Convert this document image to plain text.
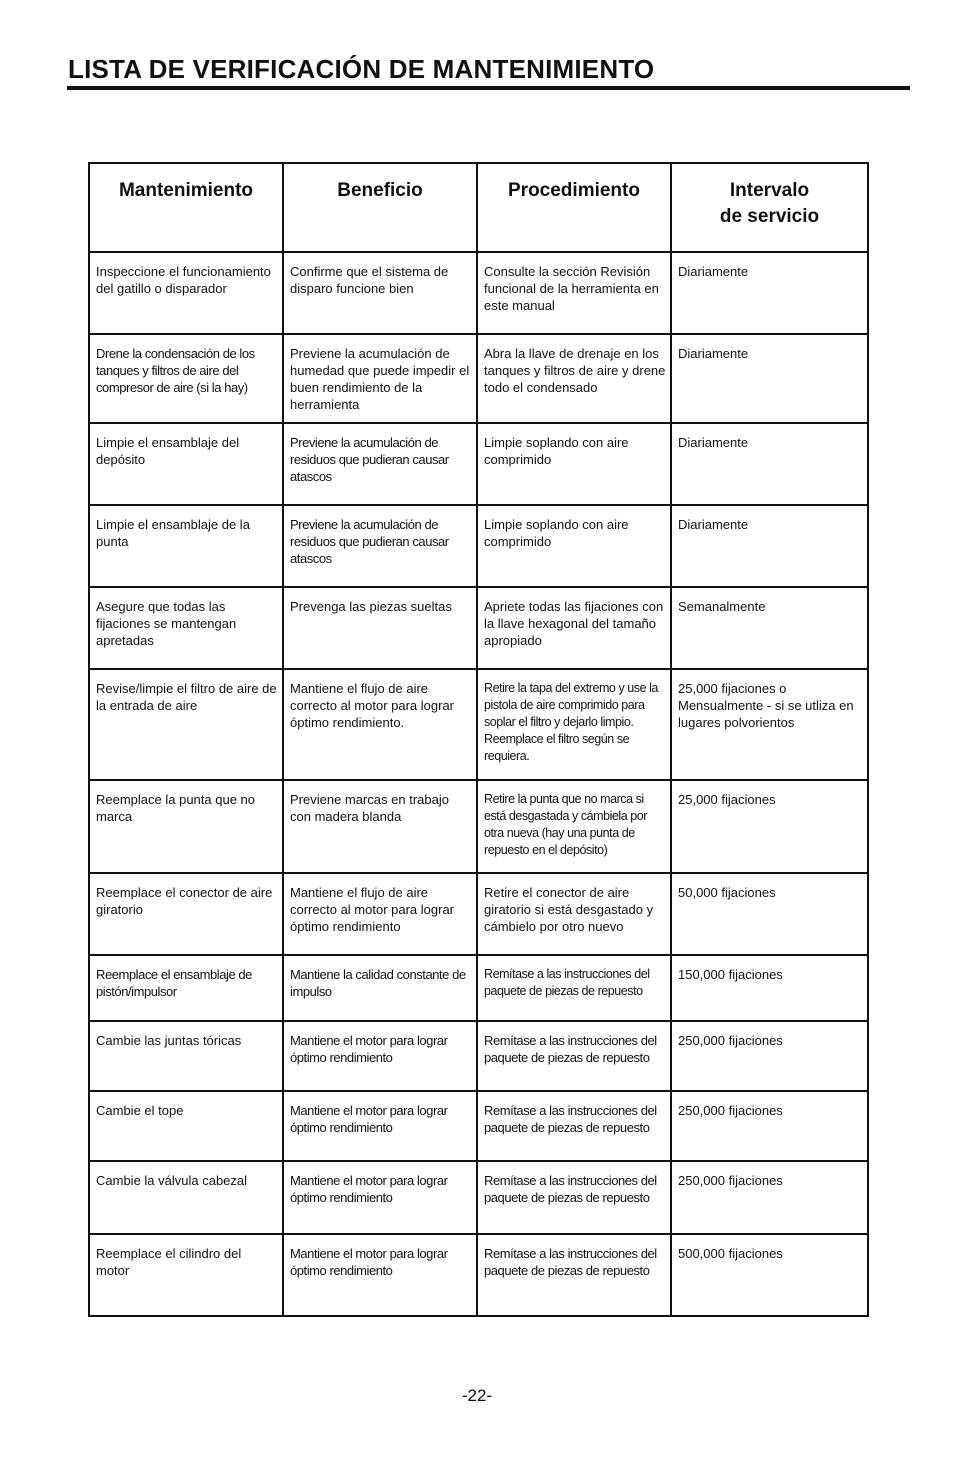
LISTA DE VERIFICACIÓN DE MANTENIMIENTO
Mantenimiento	Beneficio	Procedimiento	Intervalo
de servicio
Inspeccione el funcionamiento del gatillo o disparador	Confirme que el sistema de disparo funcione bien	Consulte la sección Revisión funcional de la herramienta en este manual	Diariamente
Drene la condensación de los tanques y filtros de aire del compresor de aire (si la hay)	Previene la acumulación de humedad que puede impedir el buen rendimiento de la herramienta	Abra la llave de drenaje en los tanques y filtros de aire y drene todo el condensado	Diariamente
Limpie el ensamblaje del depósito	Previene la acumulación de residuos que pudieran causar atascos	Limpie soplando con aire comprimido	Diariamente
Limpie el ensamblaje de la punta	Previene la acumulación de residuos que pudieran causar atascos	Limpie soplando con aire comprimido	Diariamente
Asegure que todas las fijaciones se mantengan apretadas	Prevenga las piezas sueltas	Apriete todas las fijaciones con la llave hexagonal del tamaño apropiado	Semanalmente
Revise/limpie el filtro de aire de la entrada de aire	Mantiene el flujo de aire correcto al motor para lograr óptimo rendimiento.	Retire la tapa del extremo y use la pistola de aire comprimido para soplar el filtro y dejarlo limpio. Reemplace el filtro según se requiera.	25,000 fijaciones o Mensualmente - si se utliza en lugares polvorientos
Reemplace la punta que no marca	Previene marcas en trabajo con madera blanda	Retire la punta que no marca si está desgastada y cámbiela por otra nueva (hay una punta de repuesto en el depósito)	25,000 fijaciones
Reemplace el conector de aire giratorio	Mantiene el flujo de aire correcto al motor para lograr óptimo rendimiento	Retire el conector de aire giratorio si está desgastado y cámbielo por otro nuevo	50,000 fijaciones
Reemplace el ensamblaje de pistón/impulsor	Mantiene la calidad constante de impulso	Remítase a las instrucciones del paquete de piezas de repuesto	150,000 fijaciones
Cambie las juntas tóricas	Mantiene el motor para lograr óptimo rendimiento	Remítase a las instrucciones del paquete de piezas de repuesto	250,000 fijaciones
Cambie el tope	Mantiene el motor para lograr óptimo rendimiento	Remítase a las instrucciones del paquete de piezas de repuesto	250,000 fijaciones
Cambie la válvula cabezal	Mantiene el motor para lograr óptimo rendimiento	Remítase a las instrucciones del paquete de piezas de repuesto	250,000 fijaciones
Reemplace el cilindro del motor	Mantiene el motor para lograr óptimo rendimiento	Remítase a las instrucciones del paquete de piezas de repuesto	500,000 fijaciones
-22-
